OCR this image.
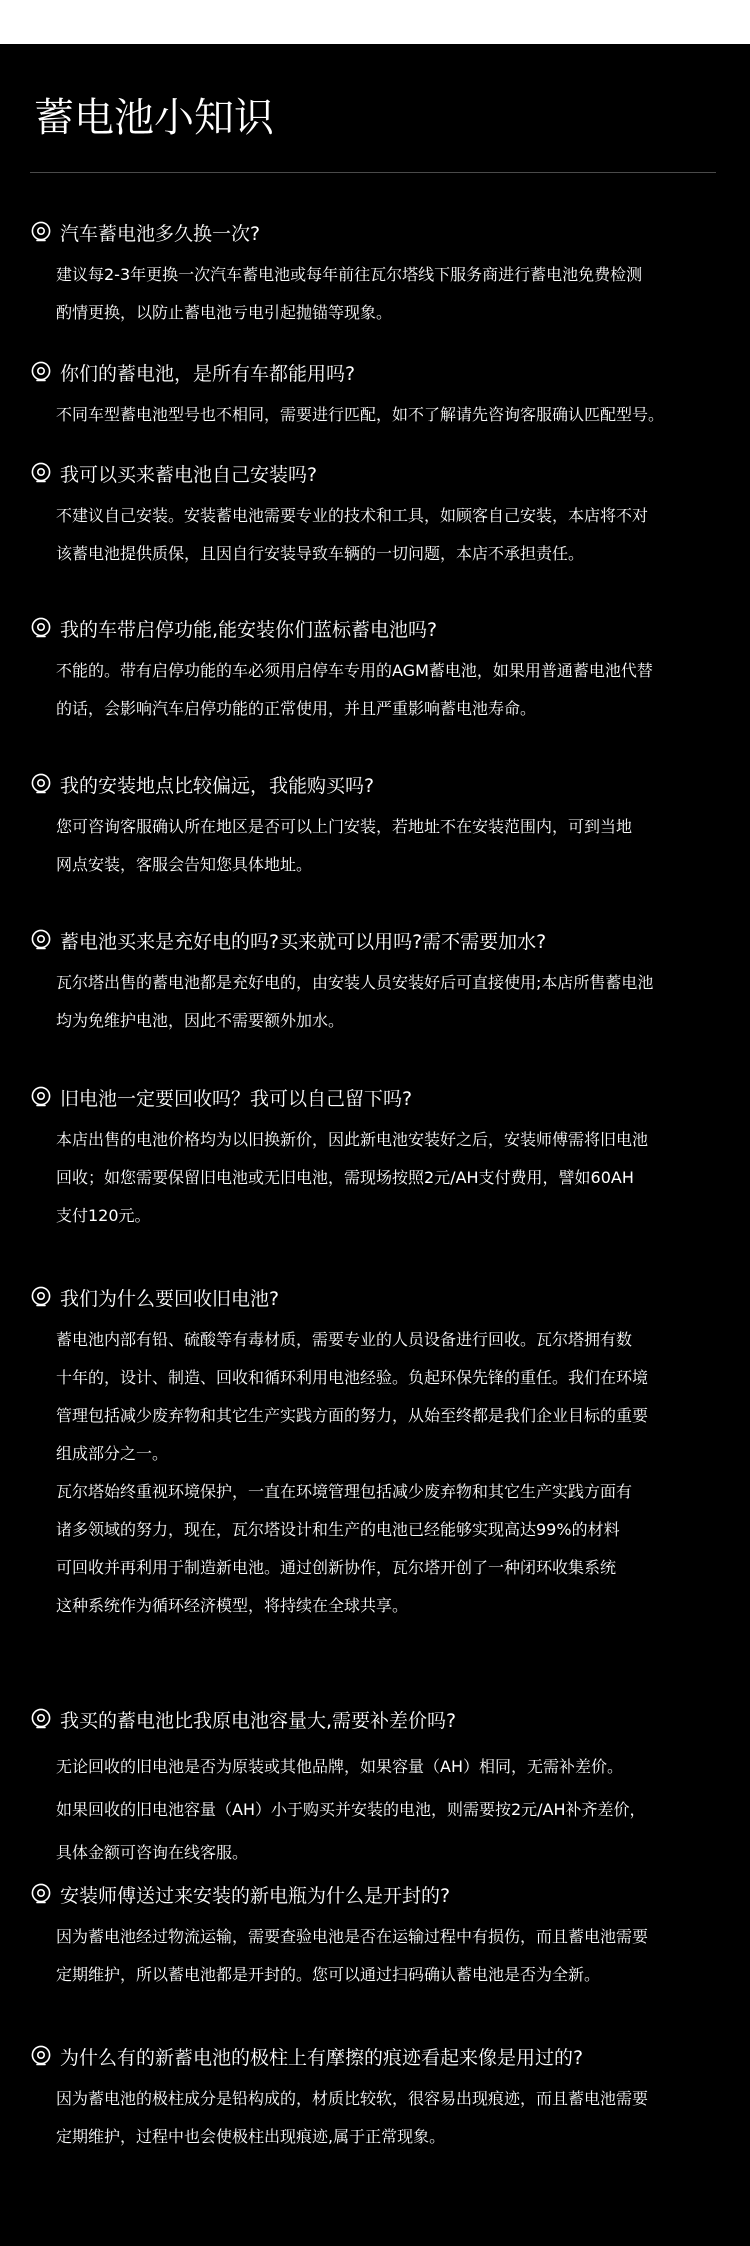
蓄电池小知识
汽车蓄电池多久换一次?
建议每2-3年更换一次汽车蓄电池或每年前往瓦尔塔线下服务商进行蓄电池免费检测
酌情更换，以防止蓄电池亏电引起抛锚等现象。
你们的蓄电池，是所有车都能用吗?
不同车型蓄电池型号也不相同，需要进行匹配，如不了解请先咨询客服确认匹配型号。
我可以买来蓄电池自己安装吗?
不建议自己安装。安装蓄电池需要专业的技术和工具，如顾客自己安装，本店将不对
该蓄电池提供质保，且因自行安装导致车辆的一切问题，本店不承担责任。
我的车带启停功能,能安装你们蓝标蓄电池吗?
不能的。带有启停功能的车必须用启停车专用的AGM蓄电池，如果用普通蓄电池代替
的话，会影响汽车启停功能的正常使用，并且严重影响蓄电池寿命。
我的安装地点比较偏远，我能购买吗?
您可咨询客服确认所在地区是否可以上门安装，若地址不在安装范围内，可到当地
网点安装，客服会告知您具体地址。
蓄电池买来是充好电的吗?买来就可以用吗?需不需要加水?
瓦尔塔出售的蓄电池都是充好电的，由安装人员安装好后可直接使用;本店所售蓄电池
均为免维护电池，因此不需要额外加水。
旧电池一定要回收吗？我可以自己留下吗?
本店出售的电池价格均为以旧换新价，因此新电池安装好之后，安装师傅需将旧电池
回收；如您需要保留旧电池或无旧电池，需现场按照2元/AH支付费用，譬如60AH
支付120元。
我们为什么要回收旧电池?
蓄电池内部有铅、硫酸等有毒材质，需要专业的人员设备进行回收。瓦尔塔拥有数
十年的，设计、制造、回收和循环利用电池经验。负起环保先锋的重任。我们在环境
管理包括减少废弃物和其它生产实践方面的努力，从始至终都是我们企业目标的重要
组成部分之一。
瓦尔塔始终重视环境保护，一直在环境管理包括减少废弃物和其它生产实践方面有
诸多领域的努力，现在，瓦尔塔设计和生产的电池已经能够实现高达99%的材料
可回收并再利用于制造新电池。通过创新协作，瓦尔塔开创了一种闭环收集系统
这种系统作为循环经济模型，将持续在全球共享。
我买的蓄电池比我原电池容量大,需要补差价吗?
无论回收的旧电池是否为原装或其他品牌，如果容量（AH）相同，无需补差价。
如果回收的旧电池容量（AH）小于购买并安装的电池，则需要按2元/AH补齐差价，
具体金额可咨询在线客服。
安装师傅送过来安装的新电瓶为什么是开封的?
因为蓄电池经过物流运输，需要查验电池是否在运输过程中有损伤，而且蓄电池需要
定期维护，所以蓄电池都是开封的。您可以通过扫码确认蓄电池是否为全新。
为什么有的新蓄电池的极柱上有摩擦的痕迹看起来像是用过的?
因为蓄电池的极柱成分是铅构成的，材质比较软，很容易出现痕迹，而且蓄电池需要
定期维护，过程中也会使极柱出现痕迹,属于正常现象。
